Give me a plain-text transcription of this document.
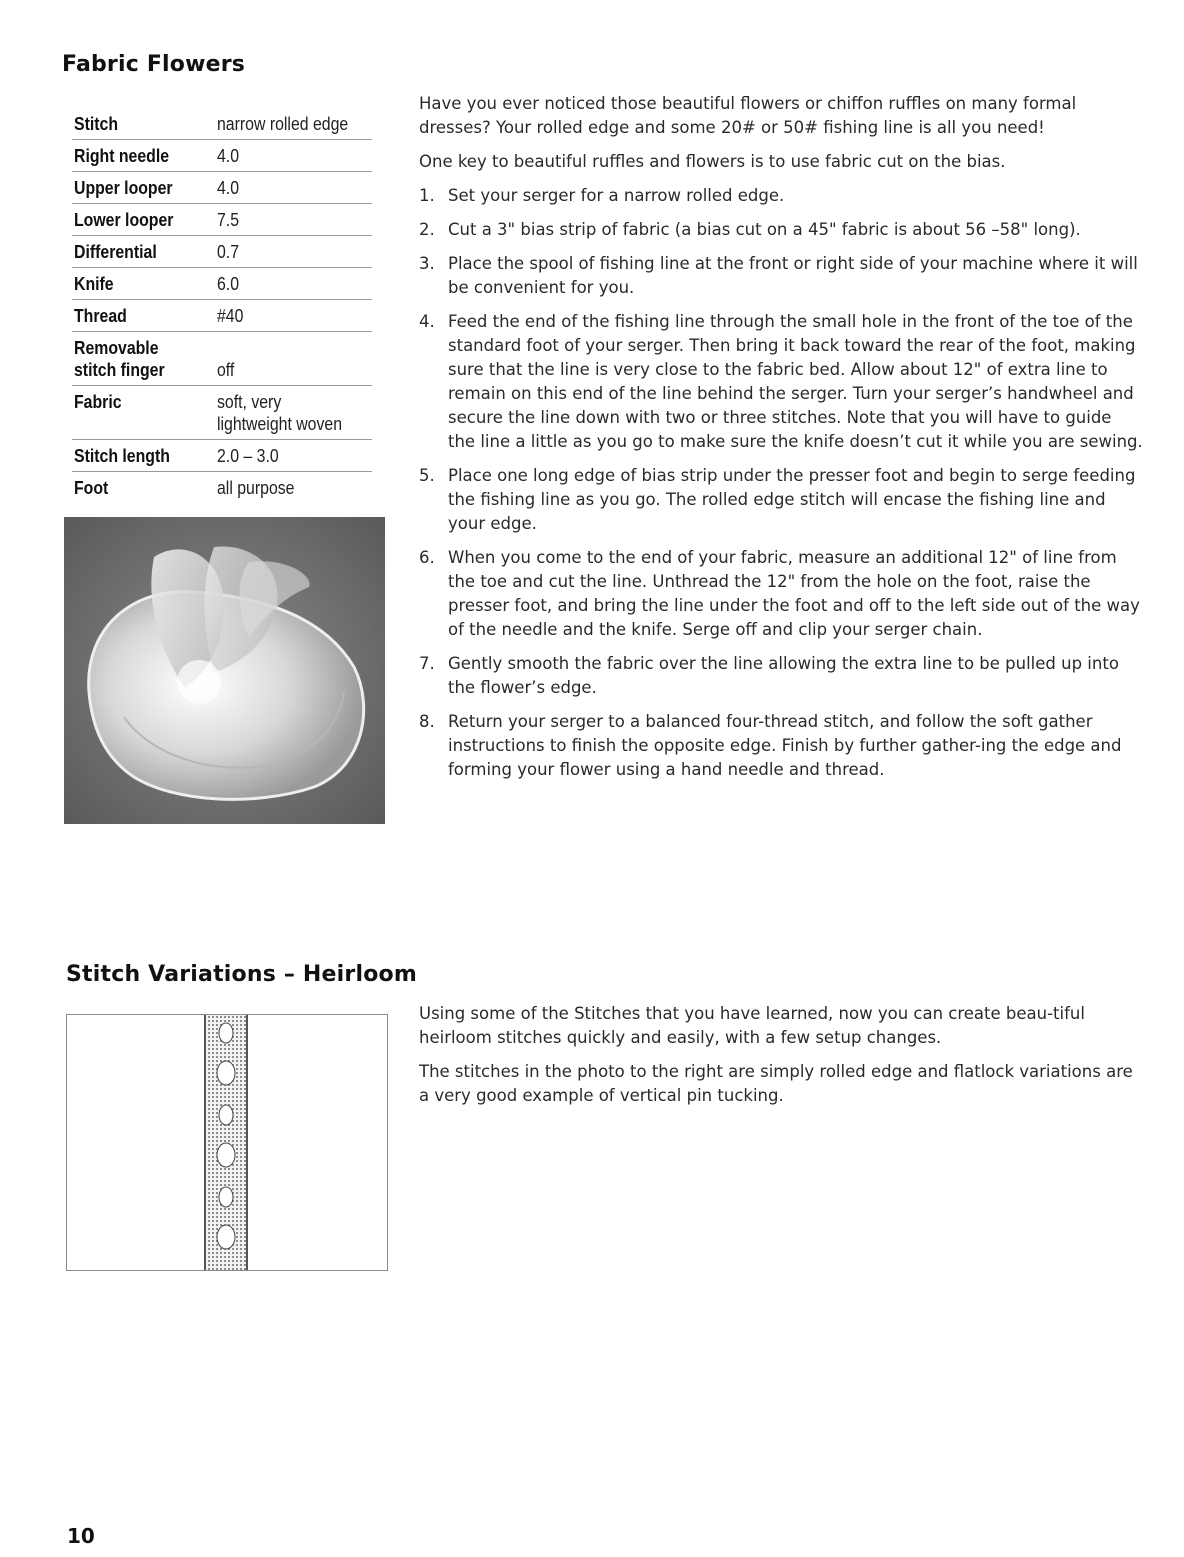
Fabric Flowers
Stitch	narrow rolled edge
Right needle	4.0
Upper looper	4.0
Lower looper	7.5
Differential	0.7
Knife	6.0
Thread	#40
Removable
stitch finger	off
Fabric	soft, very
lightweight woven
Stitch length	2.0 – 3.0
Foot	all purpose

Have you ever noticed those beautiful flowers or chiffon ruffles on many formal dresses? Your rolled edge and some 20# or 50# fishing line is all you need!

One key to beautiful ruffles and flowers is to use fabric cut on the bias.

1. Set your serger for a narrow rolled edge.
2. Cut a 3" bias strip of fabric (a bias cut on a 45" fabric is about 56 –58" long).
3. Place the spool of fishing line at the front or right side of your machine where it will be convenient for you.
4. Feed the end of the fishing line through the small hole in the front of the toe of the standard foot of your serger. Then bring it back toward the rear of the foot, making sure that the line is very close to the fabric bed. Allow about 12" of extra line to remain on this end of the line behind the serger. Turn your serger’s handwheel and secure the line down with two or three stitches. Note that you will have to guide the line a little as you go to make sure the knife doesn’t cut it while you are sewing.
5. Place one long edge of bias strip under the presser foot and begin to serge feeding the fishing line as you go. The rolled edge stitch will encase the fishing line and your edge.
6. When you come to the end of your fabric, measure an additional 12" of line from the toe and cut the line. Unthread the 12" from the hole on the foot, raise the presser foot, and bring the line under the foot and off to the left side out of the way of the needle and the knife. Serge off and clip your serger chain.
7. Gently smooth the fabric over the line allowing the extra line to be pulled up into the flower’s edge.
8. Return your serger to a balanced four-thread stitch, and follow the soft gather instructions to finish the opposite edge. Finish by further gather-ing the edge and forming your flower using a hand needle and thread.
Stitch Variations – Heirloom

Using some of the Stitches that you have learned, now you can create beau-tiful heirloom stitches quickly and easily, with a few setup changes.

The stitches in the photo to the right are simply rolled edge and flatlock variations are a very good example of vertical pin tucking.

10
